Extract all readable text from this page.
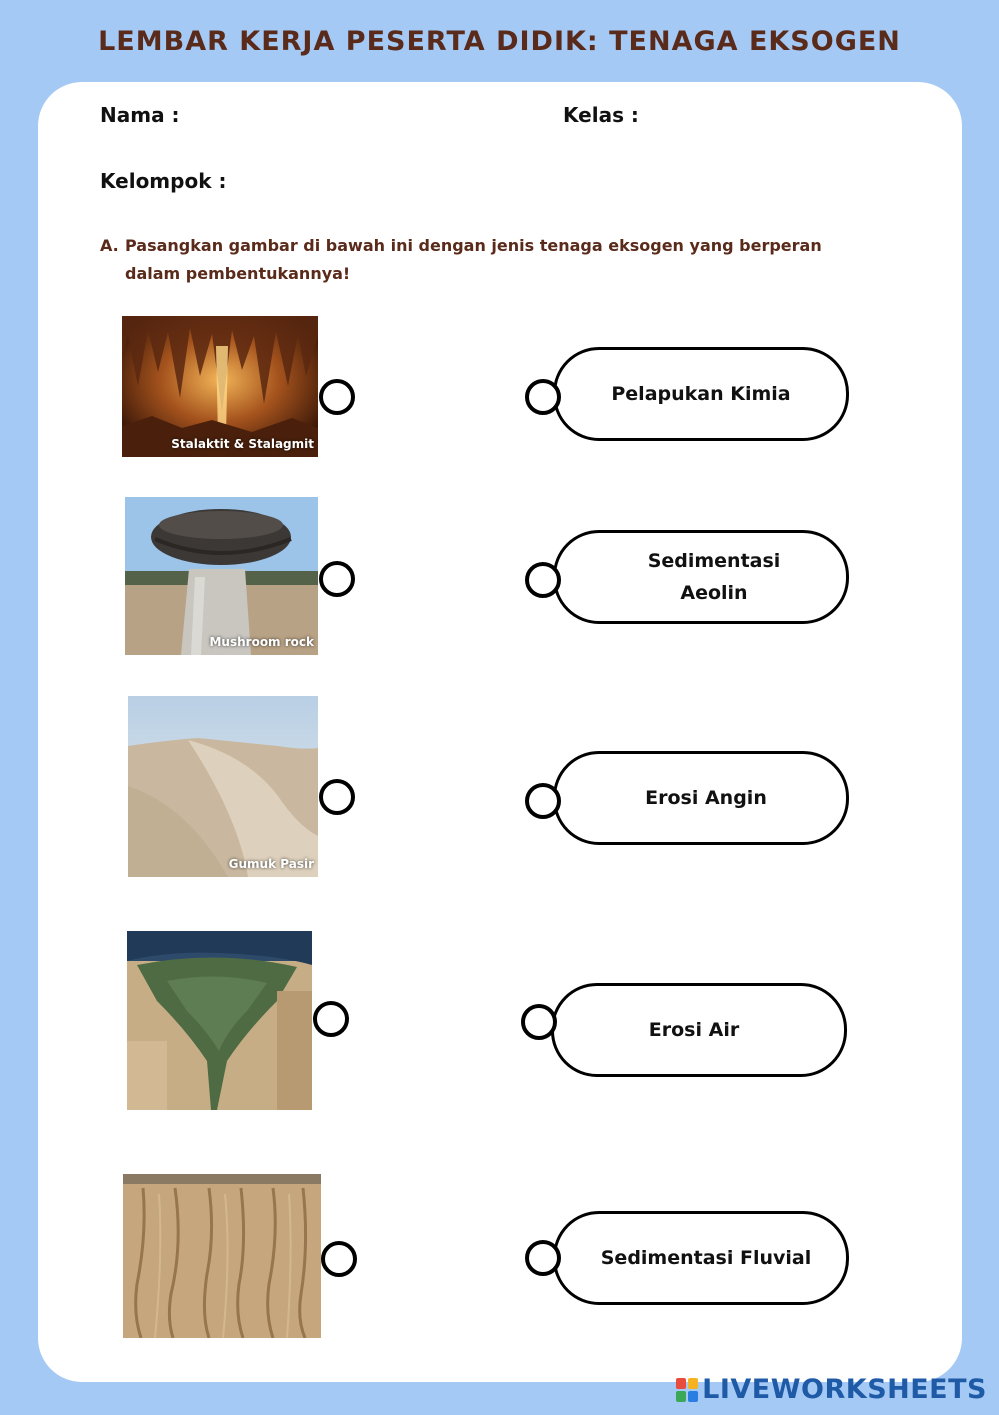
LEMBAR KERJA PESERTA DIDIK: TENAGA EKSOGEN
Nama :	Kelas :
Kelompok :
A. Pasangkan gambar di bawah ini dengan jenis tenaga eksogen yang berperan dalam pembentukannya!
Stalaktit & Stalagmit
Mushroom rock
Gumuk Pasir
Pelapukan Kimia
Sedimentasi
Aeolin
Erosi Angin
Erosi Air
Sedimentasi Fluvial
LIVEWORKSHEETS
